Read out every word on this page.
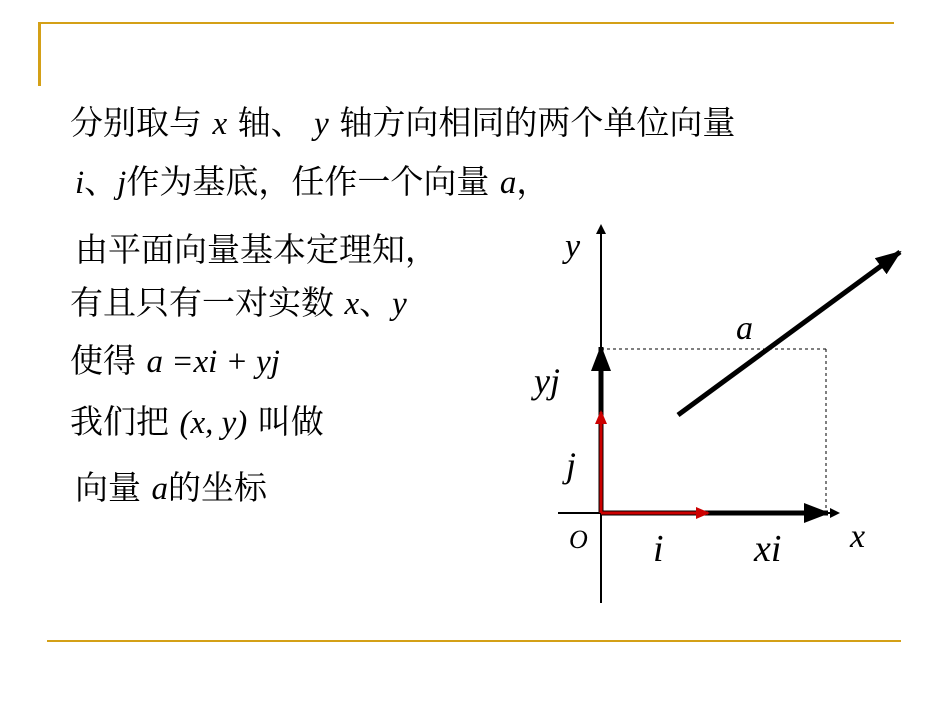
分别取与 x 轴、 y 轴方向相同的两个单位向量
i、j作为基底，任作一个向量 a，
由平面向量基本定理知，
有且只有一对实数 x、y
使得 a =xi + yj
我们把 (x, y) 叫做
向量 a的坐标
y
x
O i xi
j
yj
a
